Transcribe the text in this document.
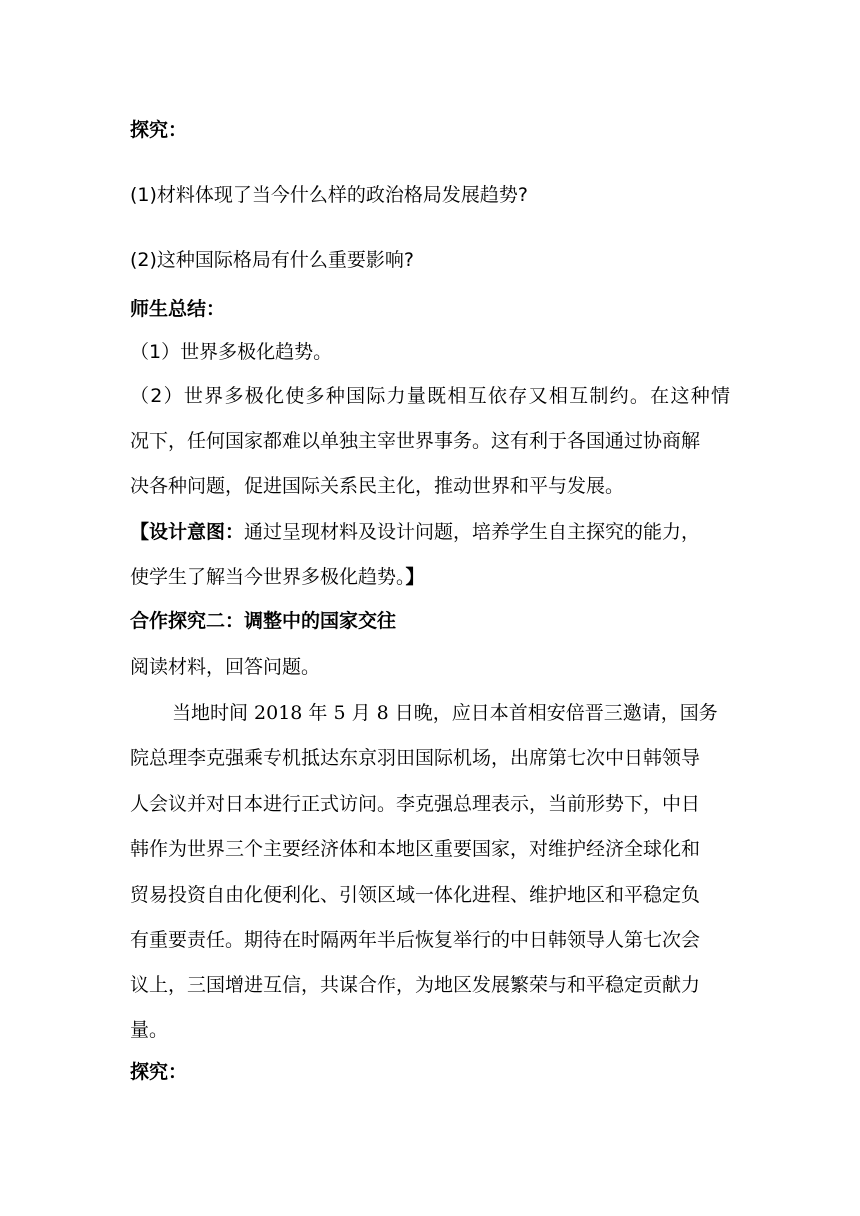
探究：
(1)材料体现了当今什么样的政治格局发展趋势?
(2)这种国际格局有什么重要影响?
师生总结：
（1）世界多极化趋势。
（2）世界多极化使多种国际力量既相互依存又相互制约。在这种情
况下，任何国家都难以单独主宰世界事务。这有利于各国通过协商解
决各种问题，促进国际关系民主化，推动世界和平与发展。
【设计意图：通过呈现材料及设计问题，培养学生自主探究的能力，
使学生了解当今世界多极化趋势。】
合作探究二：调整中的国家交往
阅读材料，回答问题。
当地时间 2018 年 5 月 8 日晚，应日本首相安倍晋三邀请，国务
院总理李克强乘专机抵达东京羽田国际机场，出席第七次中日韩领导
人会议并对日本进行正式访问。李克强总理表示，当前形势下，中日
韩作为世界三个主要经济体和本地区重要国家，对维护经济全球化和
贸易投资自由化便利化、引领区域一体化进程、维护地区和平稳定负
有重要责任。期待在时隔两年半后恢复举行的中日韩领导人第七次会
议上，三国增进互信，共谋合作，为地区发展繁荣与和平稳定贡献力
量。
探究：
